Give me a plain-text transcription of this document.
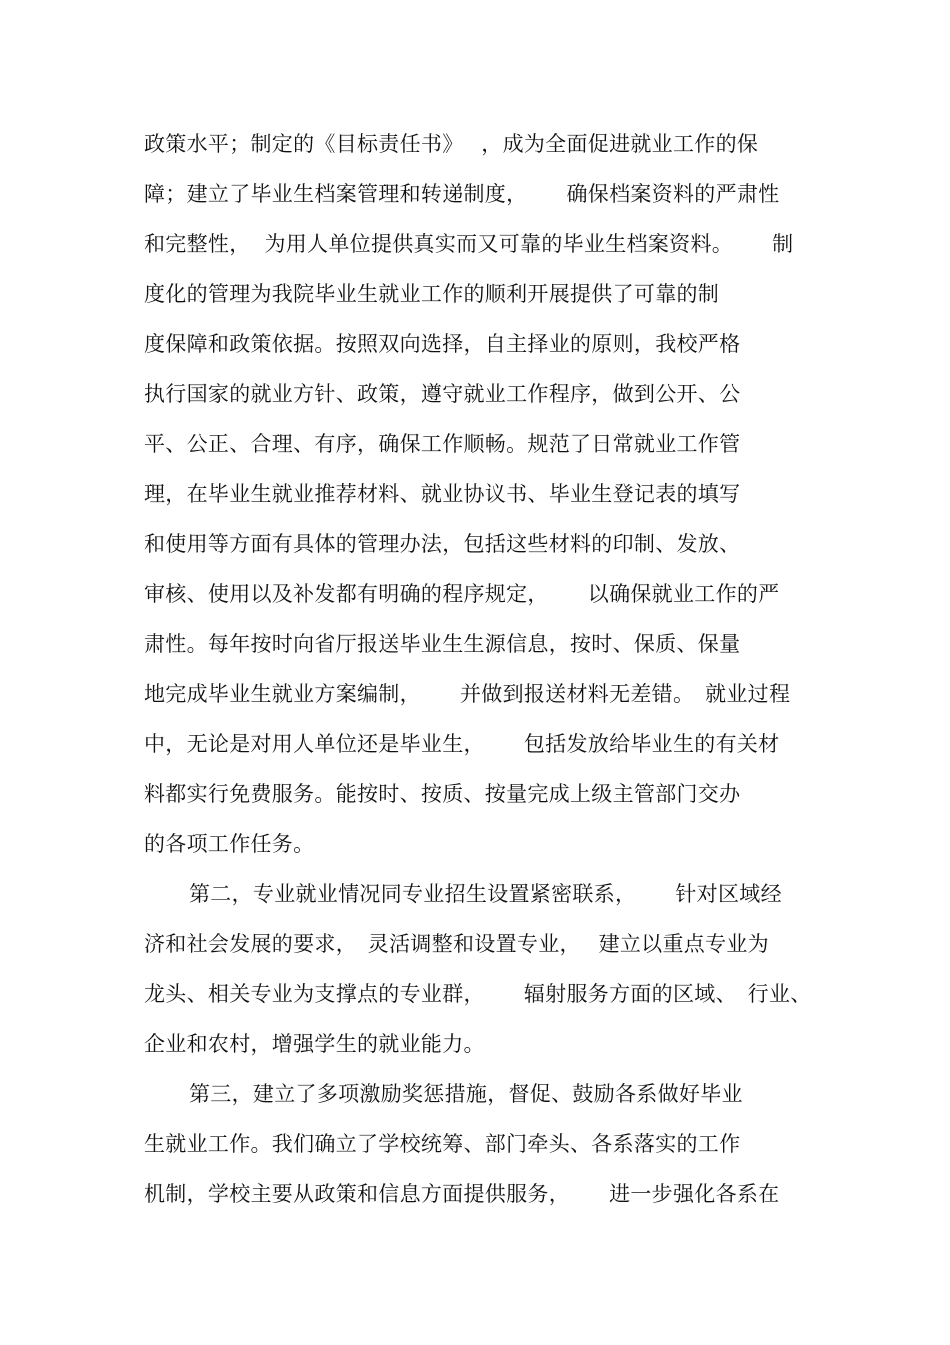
政策水平；制定的《目标责任书》　 ，成为全面促进就业工作的保
障；建立了毕业生档案管理和转递制度，　 　确保档案资料的严肃性
和完整性，  为用人单位提供真实而又可靠的毕业生档案资料。　　 制
度化的管理为我院毕业生就业工作的顺利开展提供了可靠的制
度保障和政策依据。按照双向选择，自主择业的原则，我校严格
执行国家的就业方针、政策，遵守就业工作程序，做到公开、公
平、公正、合理、有序，确保工作顺畅。规范了日常就业工作管
理，在毕业生就业推荐材料、就业协议书、毕业生登记表的填写
和使用等方面有具体的管理办法，包括这些材料的印制、发放、
审核、使用以及补发都有明确的程序规定，　 　以确保就业工作的严
肃性。每年按时向省厅报送毕业生生源信息，按时、保质、保量
地完成毕业生就业方案编制，　 　并做到报送材料无差错。　就业过程
中，无论是对用人单位还是毕业生，　 　包括发放给毕业生的有关材
料都实行免费服务。能按时、按质、按量完成上级主管部门交办
的各项工作任务。
第二，专业就业情况同专业招生设置紧密联系，　 　针对区域经
济和社会发展的要求，　灵活调整和设置专业，　 建立以重点专业为
龙头、相关专业为支撑点的专业群，　 　辐射服务方面的区域、　行业、
企业和农村，增强学生的就业能力。
第三，建立了多项激励奖惩措施，督促、鼓励各系做好毕业
生就业工作。我们确立了学校统筹、部门牵头、各系落实的工作
机制，学校主要从政策和信息方面提供服务，　 　进一步强化各系在
